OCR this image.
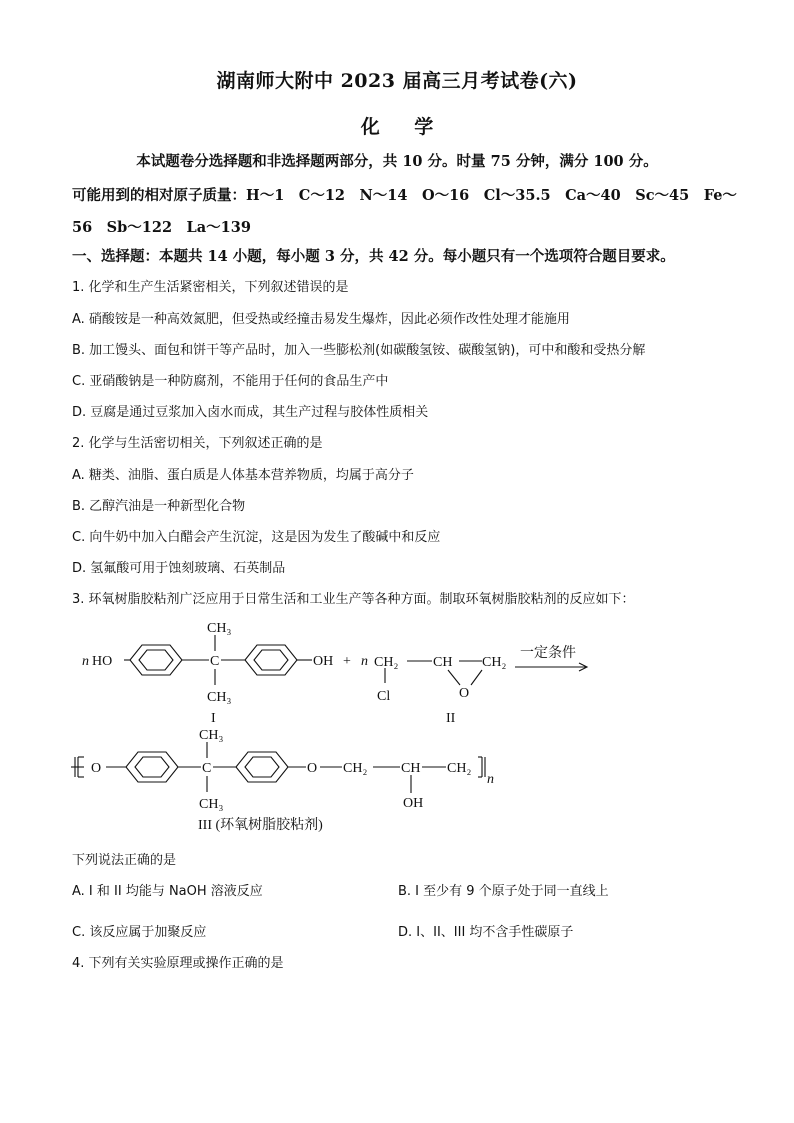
湖南师大附中 2023 届高三月考试卷(六)
化 学
本试题卷分选择题和非选择题两部分，共 10 分。时量 75 分钟，满分 100 分。
可能用到的相对原子质量：H～1　C～12　N～14　O～16　Cl～35.5　Ca～40　Sc～45　Fe～
56　Sb～122　La～139
一、选择题：本题共 14 小题，每小题 3 分，共 42 分。每小题只有一个选项符合题目要求。
1. 化学和生产生活紧密相关，下列叙述错误的是
A. 硝酸铵是一种高效氮肥，但受热或经撞击易发生爆炸，因此必须作改性处理才能施用
B. 加工馒头、面包和饼干等产品时，加入一些膨松剂(如碳酸氢铵、碳酸氢钠)，可中和酸和受热分解
C. 亚硝酸钠是一种防腐剂，不能用于任何的食品生产中
D. 豆腐是通过豆浆加入卤水而成，其生产过程与胶体性质相关
2. 化学与生活密切相关，下列叙述正确的是
A. 糖类、油脂、蛋白质是人体基本营养物质，均属于高分子
B. 乙醇汽油是一种新型化合物
C. 向牛奶中加入白醋会产生沉淀，这是因为发生了酸碱中和反应
D. 氢氟酸可用于蚀刻玻璃、石英制品
3. 环氧树脂胶粘剂广泛应用于日常生活和工业生产等各种方面。制取环氧树脂胶粘剂的反应如下：
n HO	C
CH₃
CH₃
OH
I
+ n CH₂ CH CH₂
Cl	O
II
一定条件
O	C
CH₃
CH₃
O CH₂ CH CH₂
OH
n
III (环氧树脂胶粘剂)
下列说法正确的是
A. I 和 II 均能与 NaOH 溶液反应	B. I 至少有 9 个原子处于同一直线上
C. 该反应属于加聚反应	D. I、II、III 均不含手性碳原子
4. 下列有关实验原理或操作正确的是
